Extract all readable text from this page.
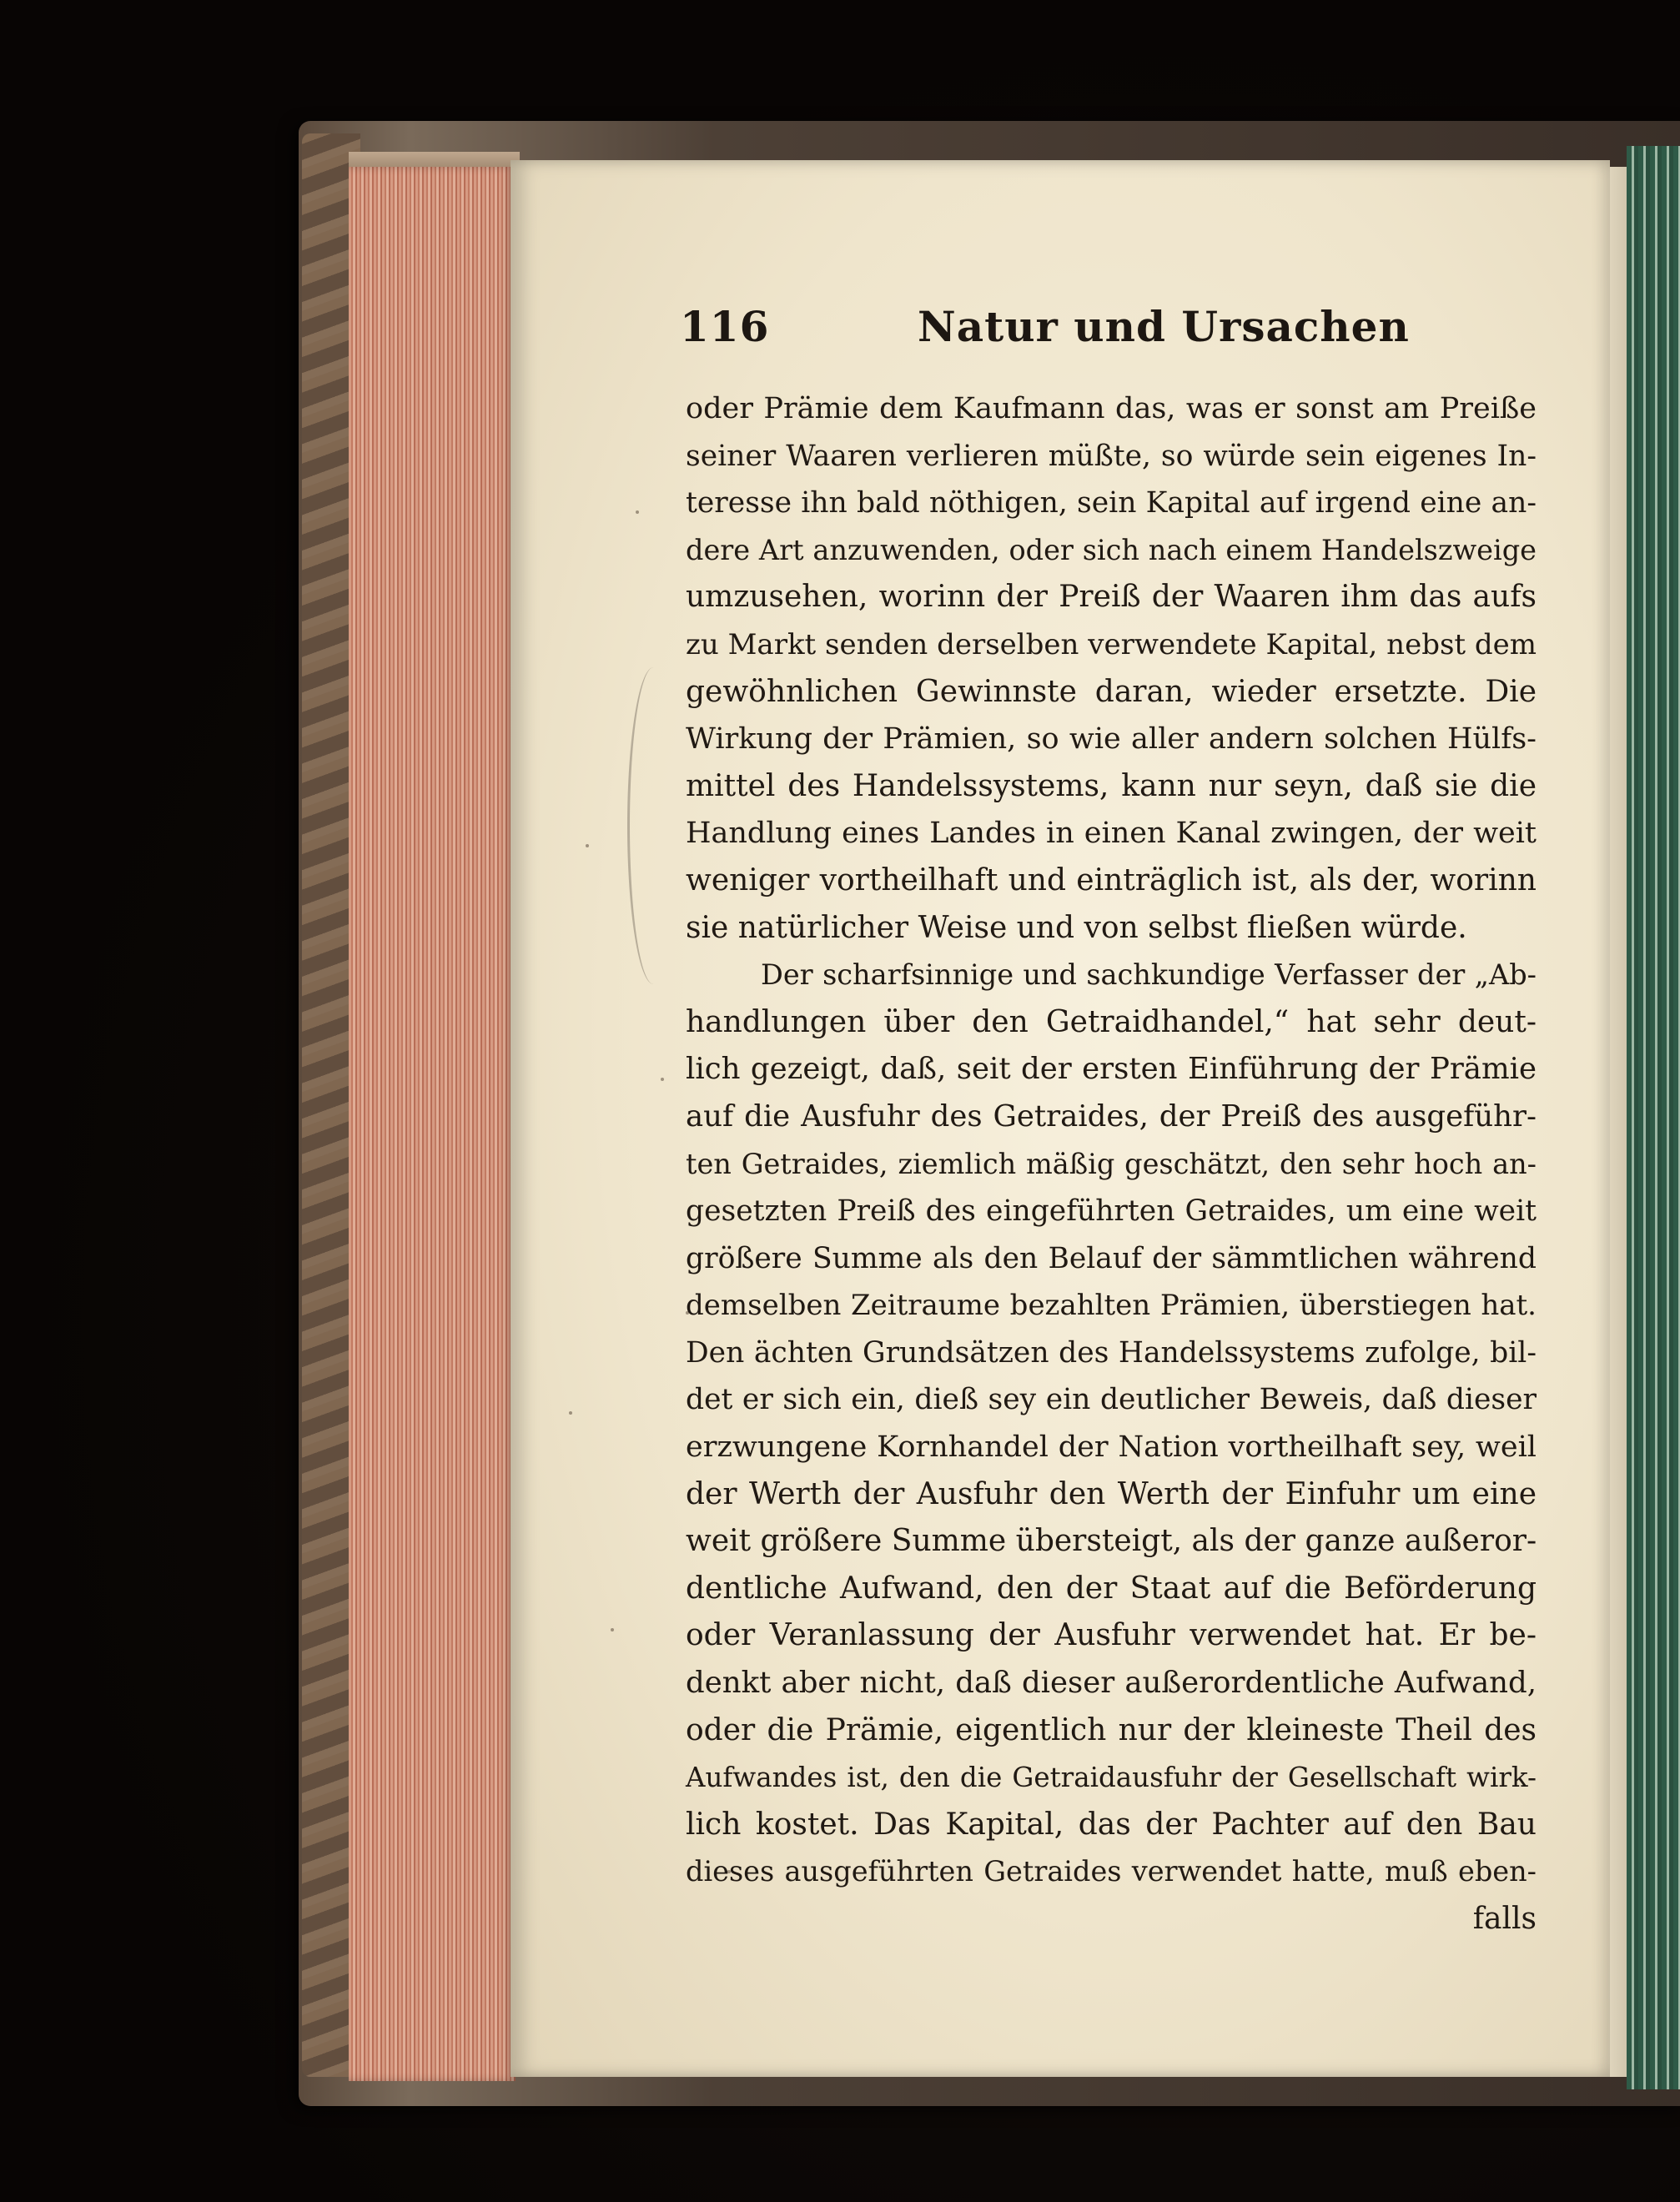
116	Natur und Ursachen
oder Prämie dem Kaufmann das, was er sonst am Preiße
seiner Waaren verlieren müßte, so würde sein eigenes In-
teresse ihn bald nöthigen, sein Kapital auf irgend eine an-
dere Art anzuwenden, oder sich nach einem Handelszweige
umzusehen, worinn der Preiß der Waaren ihm das aufs
zu Markt senden derselben verwendete Kapital, nebst dem
gewöhnlichen Gewinnste daran, wieder ersetzte. Die
Wirkung der Prämien, so wie aller andern solchen Hülfs-
mittel des Handelssystems, kann nur seyn, daß sie die
Handlung eines Landes in einen Kanal zwingen, der weit
weniger vortheilhaft und einträglich ist, als der, worinn
sie natürlicher Weise und von selbst fließen würde.
Der scharfsinnige und sachkundige Verfasser der „Ab-
handlungen über den Getraidhandel,“ hat sehr deut-
lich gezeigt, daß, seit der ersten Einführung der Prämie
auf die Ausfuhr des Getraides, der Preiß des ausgeführ-
ten Getraides, ziemlich mäßig geschätzt, den sehr hoch an-
gesetzten Preiß des eingeführten Getraides, um eine weit
größere Summe als den Belauf der sämmtlichen während
demselben Zeitraume bezahlten Prämien, überstiegen hat.
Den ächten Grundsätzen des Handelssystems zufolge, bil-
det er sich ein, dieß sey ein deutlicher Beweis, daß dieser
erzwungene Kornhandel der Nation vortheilhaft sey, weil
der Werth der Ausfuhr den Werth der Einfuhr um eine
weit größere Summe übersteigt, als der ganze außeror-
dentliche Aufwand, den der Staat auf die Beförderung
oder Veranlassung der Ausfuhr verwendet hat. Er be-
denkt aber nicht, daß dieser außerordentliche Aufwand,
oder die Prämie, eigentlich nur der kleineste Theil des
Aufwandes ist, den die Getraidausfuhr der Gesellschaft wirk-
lich kostet. Das Kapital, das der Pachter auf den Bau
dieses ausgeführten Getraides verwendet hatte, muß eben-
falls
